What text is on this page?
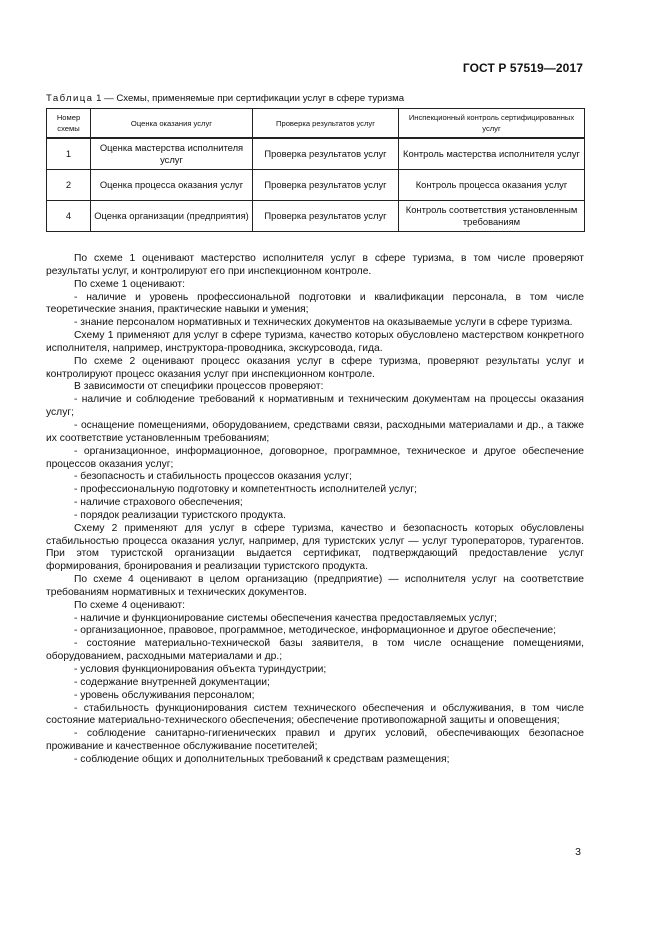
ГОСТ Р 57519—2017
Таблица 1 — Схемы, применяемые при сертификации услуг в сфере туризма
Номер схемы	Оценка оказания услуг	Проверка результатов услуг	Инспекционный контроль сертифицированных услуг
1	Оценка мастерства исполнителя услуг	Проверка результатов услуг	Контроль мастерства исполнителя услуг
2	Оценка процесса оказания услуг	Проверка результатов услуг	Контроль процесса оказания услуг
4	Оценка организации (предприятия)	Проверка результатов услуг	Контроль соответствия установленным требованиям

По схеме 1 оценивают мастерство исполнителя услуг в сфере туризма, в том числе проверяют результаты услуг, и контролируют его при инспекционном контроле.

По схеме 1 оценивают:

- наличие и уровень профессиональной подготовки и квалификации персонала, в том числе теоретические знания, практические навыки и умения;

- знание персоналом нормативных и технических документов на оказываемые услуги в сфере туризма.

Схему 1 применяют для услуг в сфере туризма, качество которых обусловлено мастерством конкретного исполнителя, например, инструктора-проводника, экскурсовода, гида.

По схеме 2 оценивают процесс оказания услуг в сфере туризма, проверяют результаты услуг и контролируют процесс оказания услуг при инспекционном контроле.

В зависимости от специфики процессов проверяют:

- наличие и соблюдение требований к нормативным и техническим документам на процессы оказания услуг;

- оснащение помещениями, оборудованием, средствами связи, расходными материалами и др., а также их соответствие установленным требованиям;

- организационное, информационное, договорное, программное, техническое и другое обеспечение процессов оказания услуг;

- безопасность и стабильность процессов оказания услуг;

- профессиональную подготовку и компетентность исполнителей услуг;

- наличие страхового обеспечения;

- порядок реализации туристского продукта.

Схему 2 применяют для услуг в сфере туризма, качество и безопасность которых обусловлены стабильностью процесса оказания услуг, например, для туристских услуг — услуг туроператоров, турагентов. При этом туристской организации выдается сертификат, подтверждающий предоставление услуг формирования, бронирования и реализации туристского продукта.

По схеме 4 оценивают в целом организацию (предприятие) — исполнителя услуг на соответствие требованиям нормативных и технических документов.

По схеме 4 оценивают:

- наличие и функционирование системы обеспечения качества предоставляемых услуг;

- организационное, правовое, программное, методическое, информационное и другое обеспечение;

- состояние материально-технической базы заявителя, в том числе оснащение помещениями, оборудованием, расходными материалами и др.;

- условия функционирования объекта туриндустрии;

- содержание внутренней документации;

- уровень обслуживания персоналом;

- стабильность функционирования систем технического обеспечения и обслуживания, в том числе состояние материально-технического обеспечения; обеспечение противопожарной защиты и оповещения;

- соблюдение санитарно-гигиенических правил и других условий, обеспечивающих безопасное проживание и качественное обслуживание посетителей;

- соблюдение общих и дополнительных требований к средствам размещения;

3
